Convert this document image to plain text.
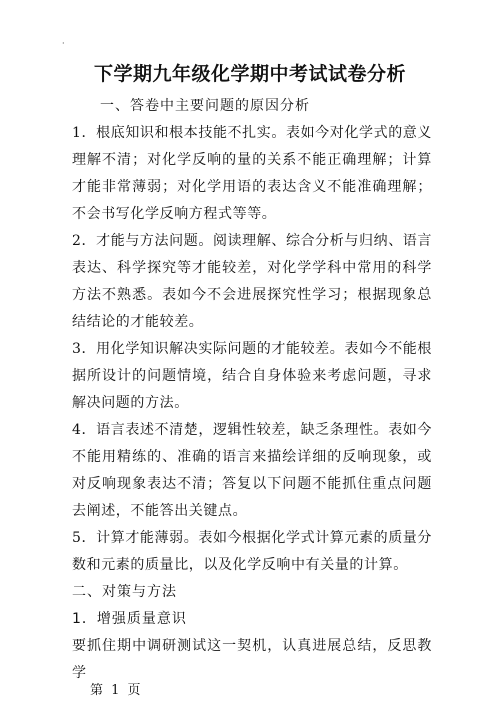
·
下学期九年级化学期中考试试卷分析

一、答卷中主要问题的原因分析

1．根底知识和根本技能不扎实。表如今对化学式的意义理解不清；对化学反响的量的关系不能正确理解；计算才能非常薄弱；对化学用语的表达含义不能准确理解；不会书写化学反响方程式等等。

2．才能与方法问题。阅读理解、综合分析与归纳、语言表达、科学探究等才能较差，对化学学科中常用的科学方法不熟悉。表如今不会进展探究性学习；根据现象总结结论的才能较差。

3．用化学知识解决实际问题的才能较差。表如今不能根据所设计的问题情境，结合自身体验来考虑问题，寻求解决问题的方法。

4．语言表述不清楚，逻辑性较差，缺乏条理性。表如今不能用精练的、准确的语言来描绘详细的反响现象，或对反响现象表达不清；答复以下问题不能抓住重点问题去阐述，不能答出关键点。

5．计算才能薄弱。表如今根据化学式计算元素的质量分数和元素的质量比，以及化学反响中有关量的计算。

二、对策与方法

1．增强质量意识

要抓住期中调研测试这一契机，认真进展总结，反思教学

第 1 页
